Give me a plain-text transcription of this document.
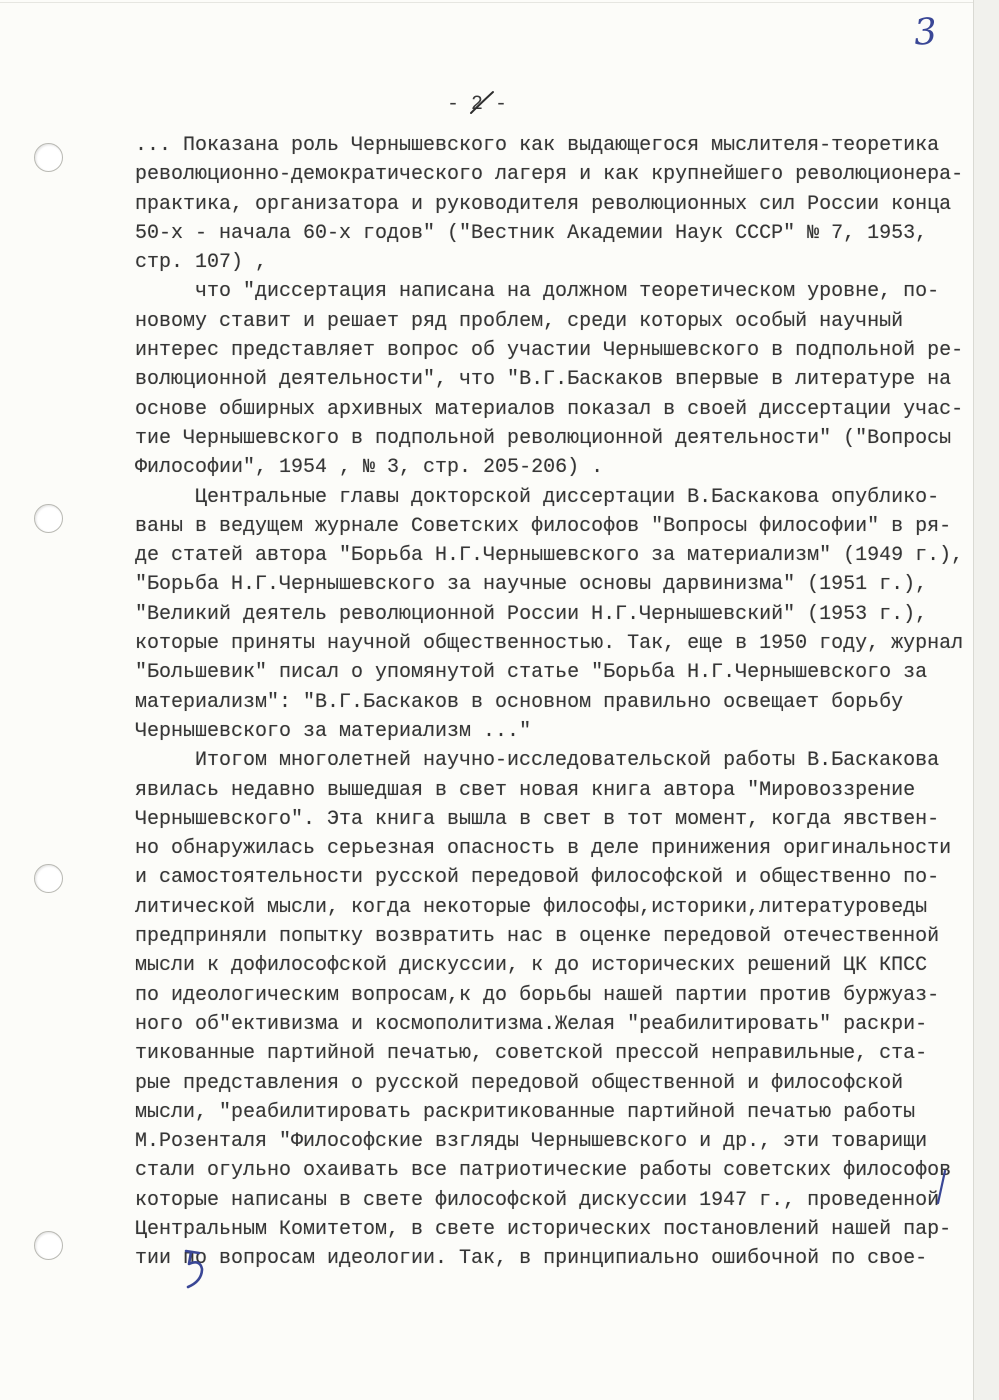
3
- 2 -
... Показана роль Чернышевского как выдающегося мыслителя-теоретика
революционно-демократического лагеря и как крупнейшего революционера-
практика, организатора и руководителя революционных сил России конца
50-х - начала 60-х годов" ("Вестник Академии Наук СССР" № 7, 1953,
стр. 107) ,
что "диссертация написана на должном теоретическом уровне, по-
новому ставит и решает ряд проблем, среди которых особый научный
интерес представляет вопрос об участии Чернышевского в подпольной ре-
волюционной деятельности", что "В.Г.Баскаков впервые в литературе на
основе обширных архивных материалов показал в своей диссертации учас-
тие Чернышевского в подпольной революционной деятельности" ("Вопросы
Философии", 1954 , № 3, стр. 205-206) .
Центральные главы докторской диссертации В.Баскакова опублико-
ваны в ведущем журнале Советских философов "Вопросы философии" в ря-
де статей автора "Борьба Н.Г.Чернышевского за материализм" (1949 г.),
"Борьба Н.Г.Чернышевского за научные основы дарвинизма" (1951 г.),
"Великий деятель революционной России Н.Г.Чернышевский" (1953 г.),
которые приняты научной общественностью. Так, еще в 1950 году, журнал
"Большевик" писал о упомянутой статье "Борьба Н.Г.Чернышевского за
материализм": "В.Г.Баскаков в основном правильно освещает борьбу
Чернышевского за материализм ..."
Итогом многолетней научно-исследовательской работы В.Баскакова
явилась недавно вышедшая в свет новая книга автора "Мировоззрение
Чернышевского". Эта книга вышла в свет в тот момент, когда явствен-
но обнаружилась серьезная опасность в деле принижения оригинальности
и самостоятельности русской передовой философской и общественно по-
литической мысли, когда некоторые философы,историки,литературоведы
предприняли попытку возвратить нас в оценке передовой отечественной
мысли к дофилософской дискуссии, к до исторических решений ЦК КПСС
по идеологическим вопросам,к до борьбы нашей партии против буржуаз-
ного об"ективизма и космополитизма.Желая "реабилитировать" раскри-
тикованные партийной печатью, советской прессой неправильные, ста-
рые представления о русской передовой общественной и философской
мысли, "реабилитировать раскритикованные партийной печатью работы
М.Розенталя "Философские взгляды Чернышевского и др., эти товарищи
стали огульно охаивать все патриотические работы советских философов
которые написаны в свете философской дискуссии 1947 г., проведенной
Центральным Комитетом, в свете исторических постановлений нашей пар-
тии по вопросам идеологии. Так, в принципиально ошибочной по свое-
